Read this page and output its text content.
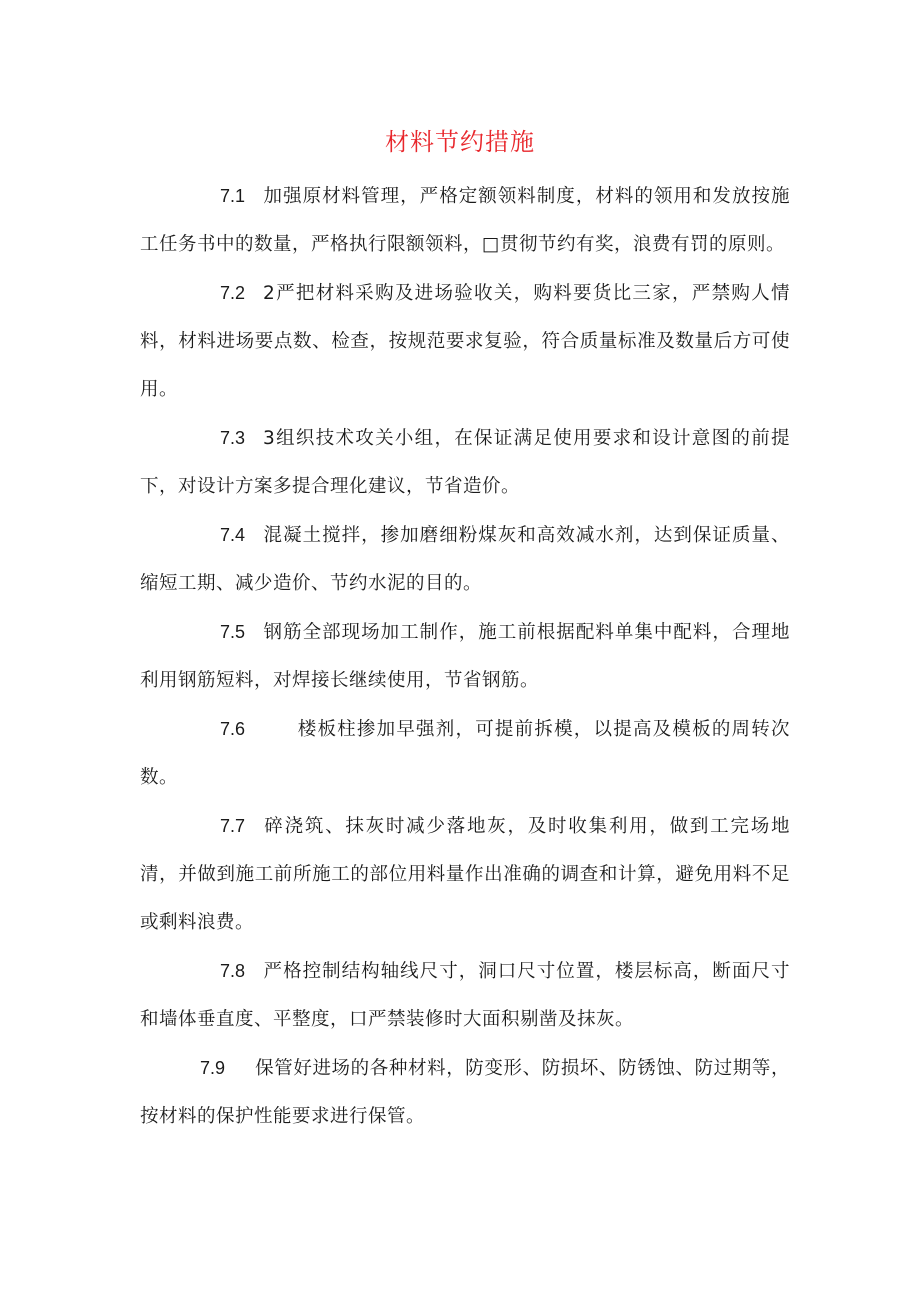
材料节约措施

7.1 加强原材料管理，严格定额领料制度，材料的领用和发放按施工任务书中的数量，严格执行限额领料，□贯彻节约有奖，浪费有罚的原则。

7.2 2严把材料采购及进场验收关，购料要货比三家，严禁购人情料，材料进场要点数、检查，按规范要求复验，符合质量标准及数量后方可使用。

7.3 3组织技术攻关小组，在保证满足使用要求和设计意图的前提下，对设计方案多提合理化建议，节省造价。

7.4 混凝土搅拌，掺加磨细粉煤灰和高效减水剂，达到保证质量、缩短工期、减少造价、节约水泥的目的。

7.5 钢筋全部现场加工制作，施工前根据配料单集中配料，合理地利用钢筋短料，对焊接长继续使用，节省钢筋。

7.6	楼板柱掺加早强剂，可提前拆模，以提高及模板的周转次数。

7.7 碎浇筑、抹灰时减少落地灰，及时收集利用，做到工完场地清，并做到施工前所施工的部位用料量作出准确的调查和计算，避免用料不足或剩料浪费。

7.8 严格控制结构轴线尺寸，洞口尺寸位置，楼层标高，断面尺寸和墙体垂直度、平整度，口严禁装修时大面积剔凿及抹灰。

7.9 保管好进场的各种材料，防变形、防损坏、防锈蚀、防过期等，按材料的保护性能要求进行保管。
